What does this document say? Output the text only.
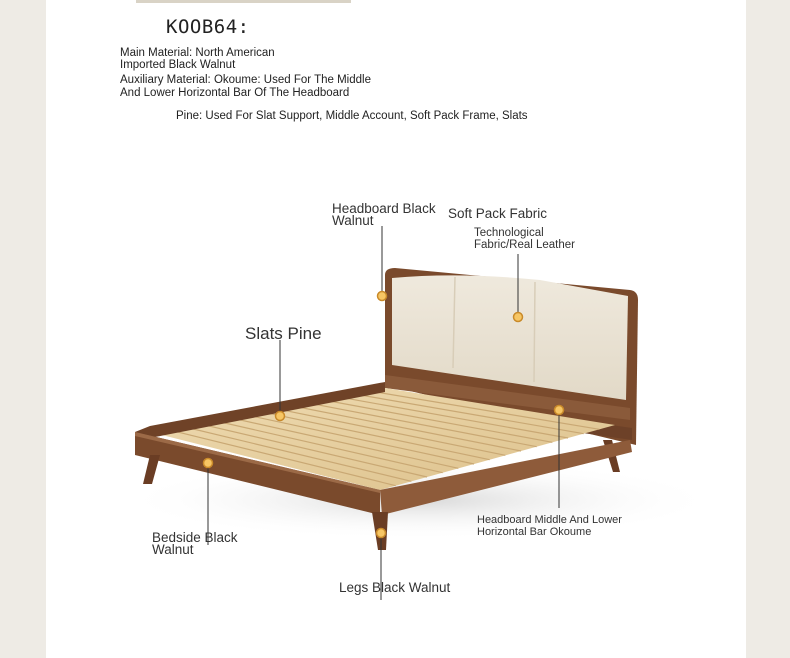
KOOB64:
Main Material: North American
Imported Black Walnut
Auxiliary Material: Okoume: Used For The Middle
And Lower Horizontal Bar Of The Headboard
Pine: Used For Slat Support, Middle Account, Soft Pack Frame, Slats
Headboard Black
Walnut	Soft Pack Fabric
Technological
Fabric/Real Leather
Slats Pine
Bedside Black
Walnut
Headboard Middle And Lower
Horizontal Bar Okoume
Legs Black Walnut
